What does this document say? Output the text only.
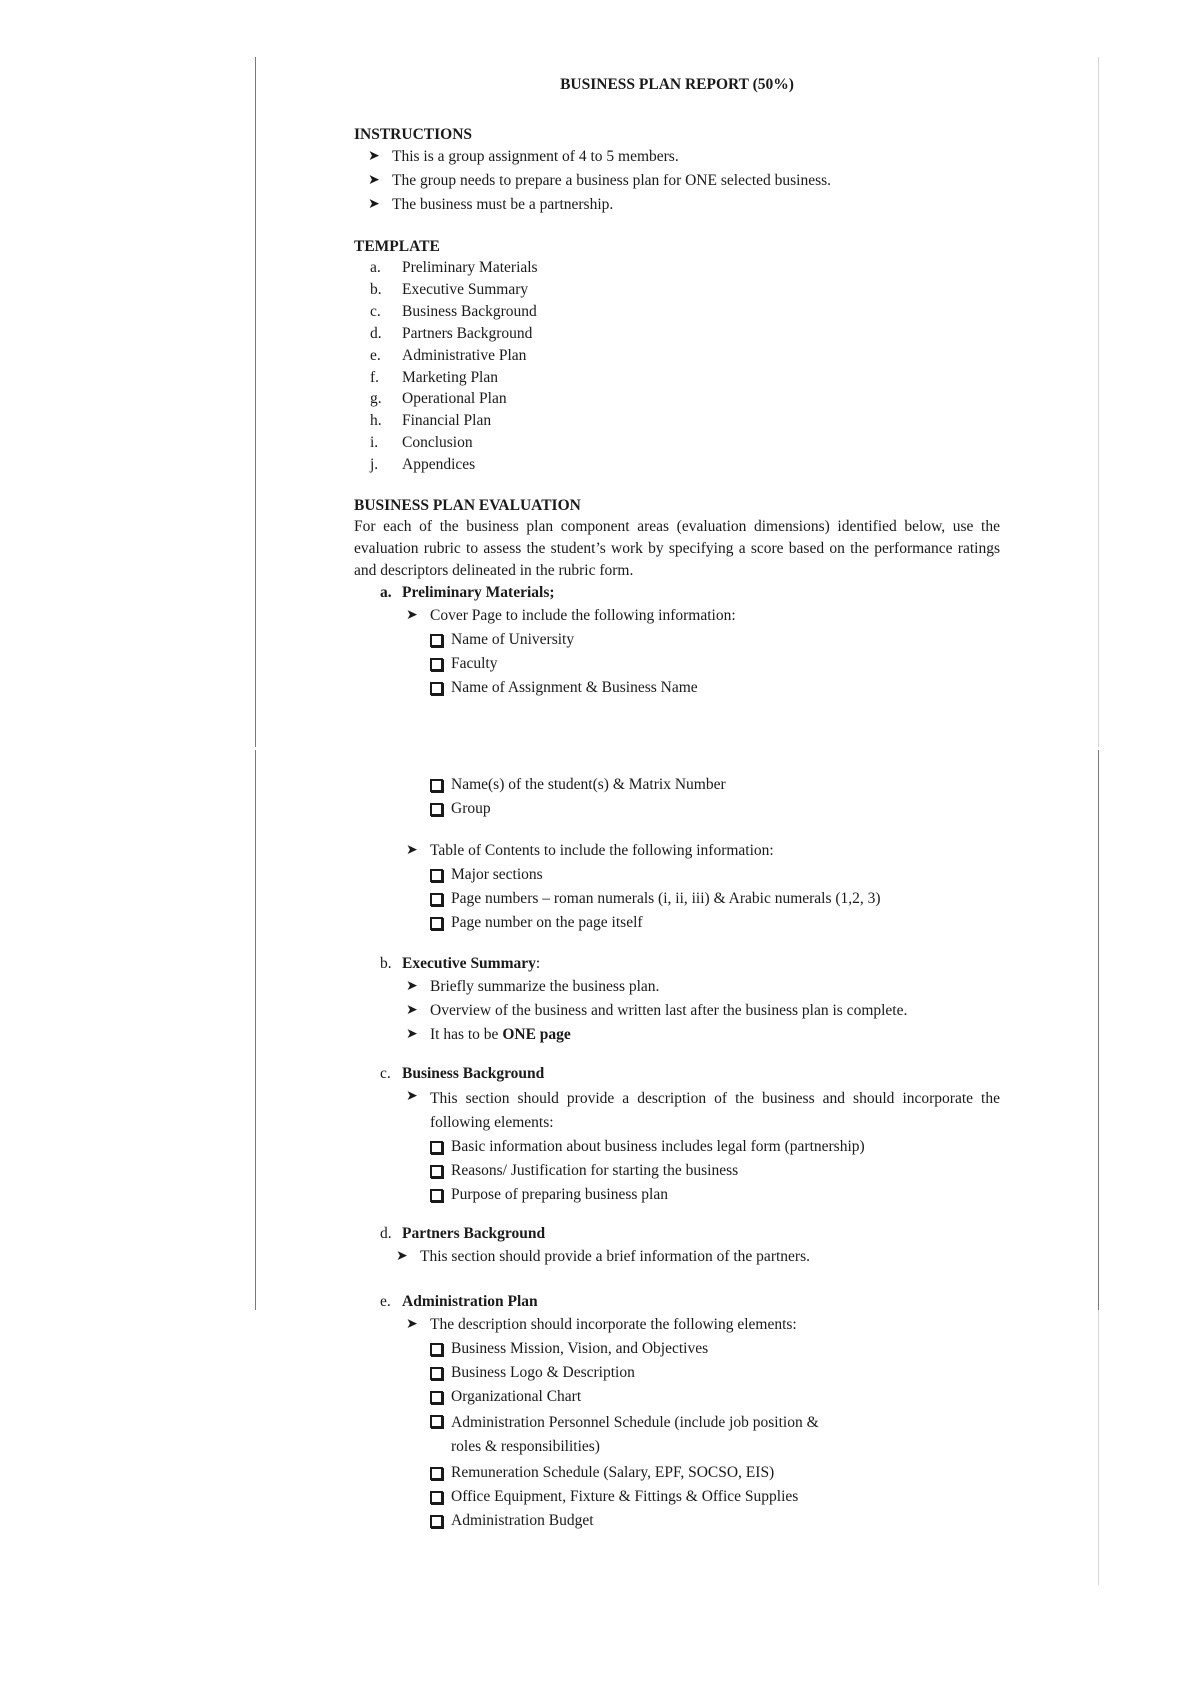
BUSINESS PLAN REPORT (50%)
INSTRUCTIONS
➤ This is a group assignment of 4 to 5 members.
➤ The group needs to prepare a business plan for ONE selected business.
➤ The business must be a partnership.
TEMPLATE
a. Preliminary Materials
b. Executive Summary
c. Business Background
d. Partners Background
e. Administrative Plan
f. Marketing Plan
g. Operational Plan
h. Financial Plan
i. Conclusion
j. Appendices
BUSINESS PLAN EVALUATION

For each of the business plan component areas (evaluation dimensions) identified below, use the evaluation rubric to assess the student’s work by specifying a score based on the performance ratings and descriptors delineated in the rubric form.

a. Preliminary Materials;
➤ Cover Page to include the following information:
Name of University
Faculty
Name of Assignment & Business Name
Name(s) of the student(s) & Matrix Number
Group
➤ Table of Contents to include the following information:
Major sections
Page numbers – roman numerals (i, ii, iii) & Arabic numerals (1,2, 3)
Page number on the page itself
b. Executive Summary:
➤ Briefly summarize the business plan.
➤ Overview of the business and written last after the business plan is complete.
➤ It has to be ONE page
c. Business Background
➤ This section should provide a description of the business and should incorporate the following elements:
Basic information about business includes legal form (partnership)
Reasons/ Justification for starting the business
Purpose of preparing business plan
d. Partners Background
➤ This section should provide a brief information of the partners.
e. Administration Plan
➤ The description should incorporate the following elements:
Business Mission, Vision, and Objectives
Business Logo & Description
Organizational Chart
Administration Personnel Schedule (include job position & roles & responsibilities)
Remuneration Schedule (Salary, EPF, SOCSO, EIS)
Office Equipment, Fixture & Fittings & Office Supplies
Administration Budget
